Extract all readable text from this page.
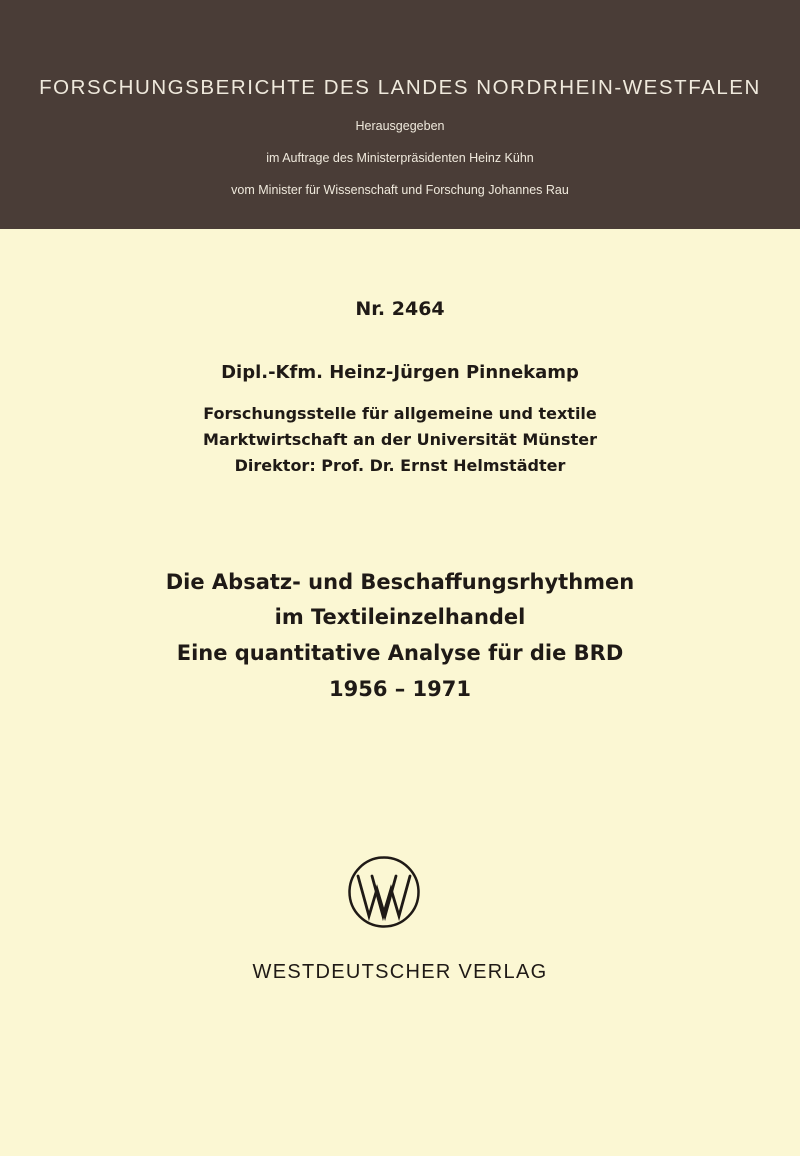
FORSCHUNGSBERICHTE DES LANDES NORDRHEIN-WESTFALEN
Herausgegeben
im Auftrage des Ministerpräsidenten Heinz Kühn
vom Minister für Wissenschaft und Forschung Johannes Rau
Nr. 2464
Dipl.-Kfm. Heinz-Jürgen Pinnekamp
Forschungsstelle für allgemeine und textile
Marktwirtschaft an der Universität Münster
Direktor: Prof. Dr. Ernst Helmstädter
Die Absatz- und Beschaffungsrhythmen
im Textileinzelhandel
Eine quantitative Analyse für die BRD
1956 – 1971
WESTDEUTSCHER VERLAG
